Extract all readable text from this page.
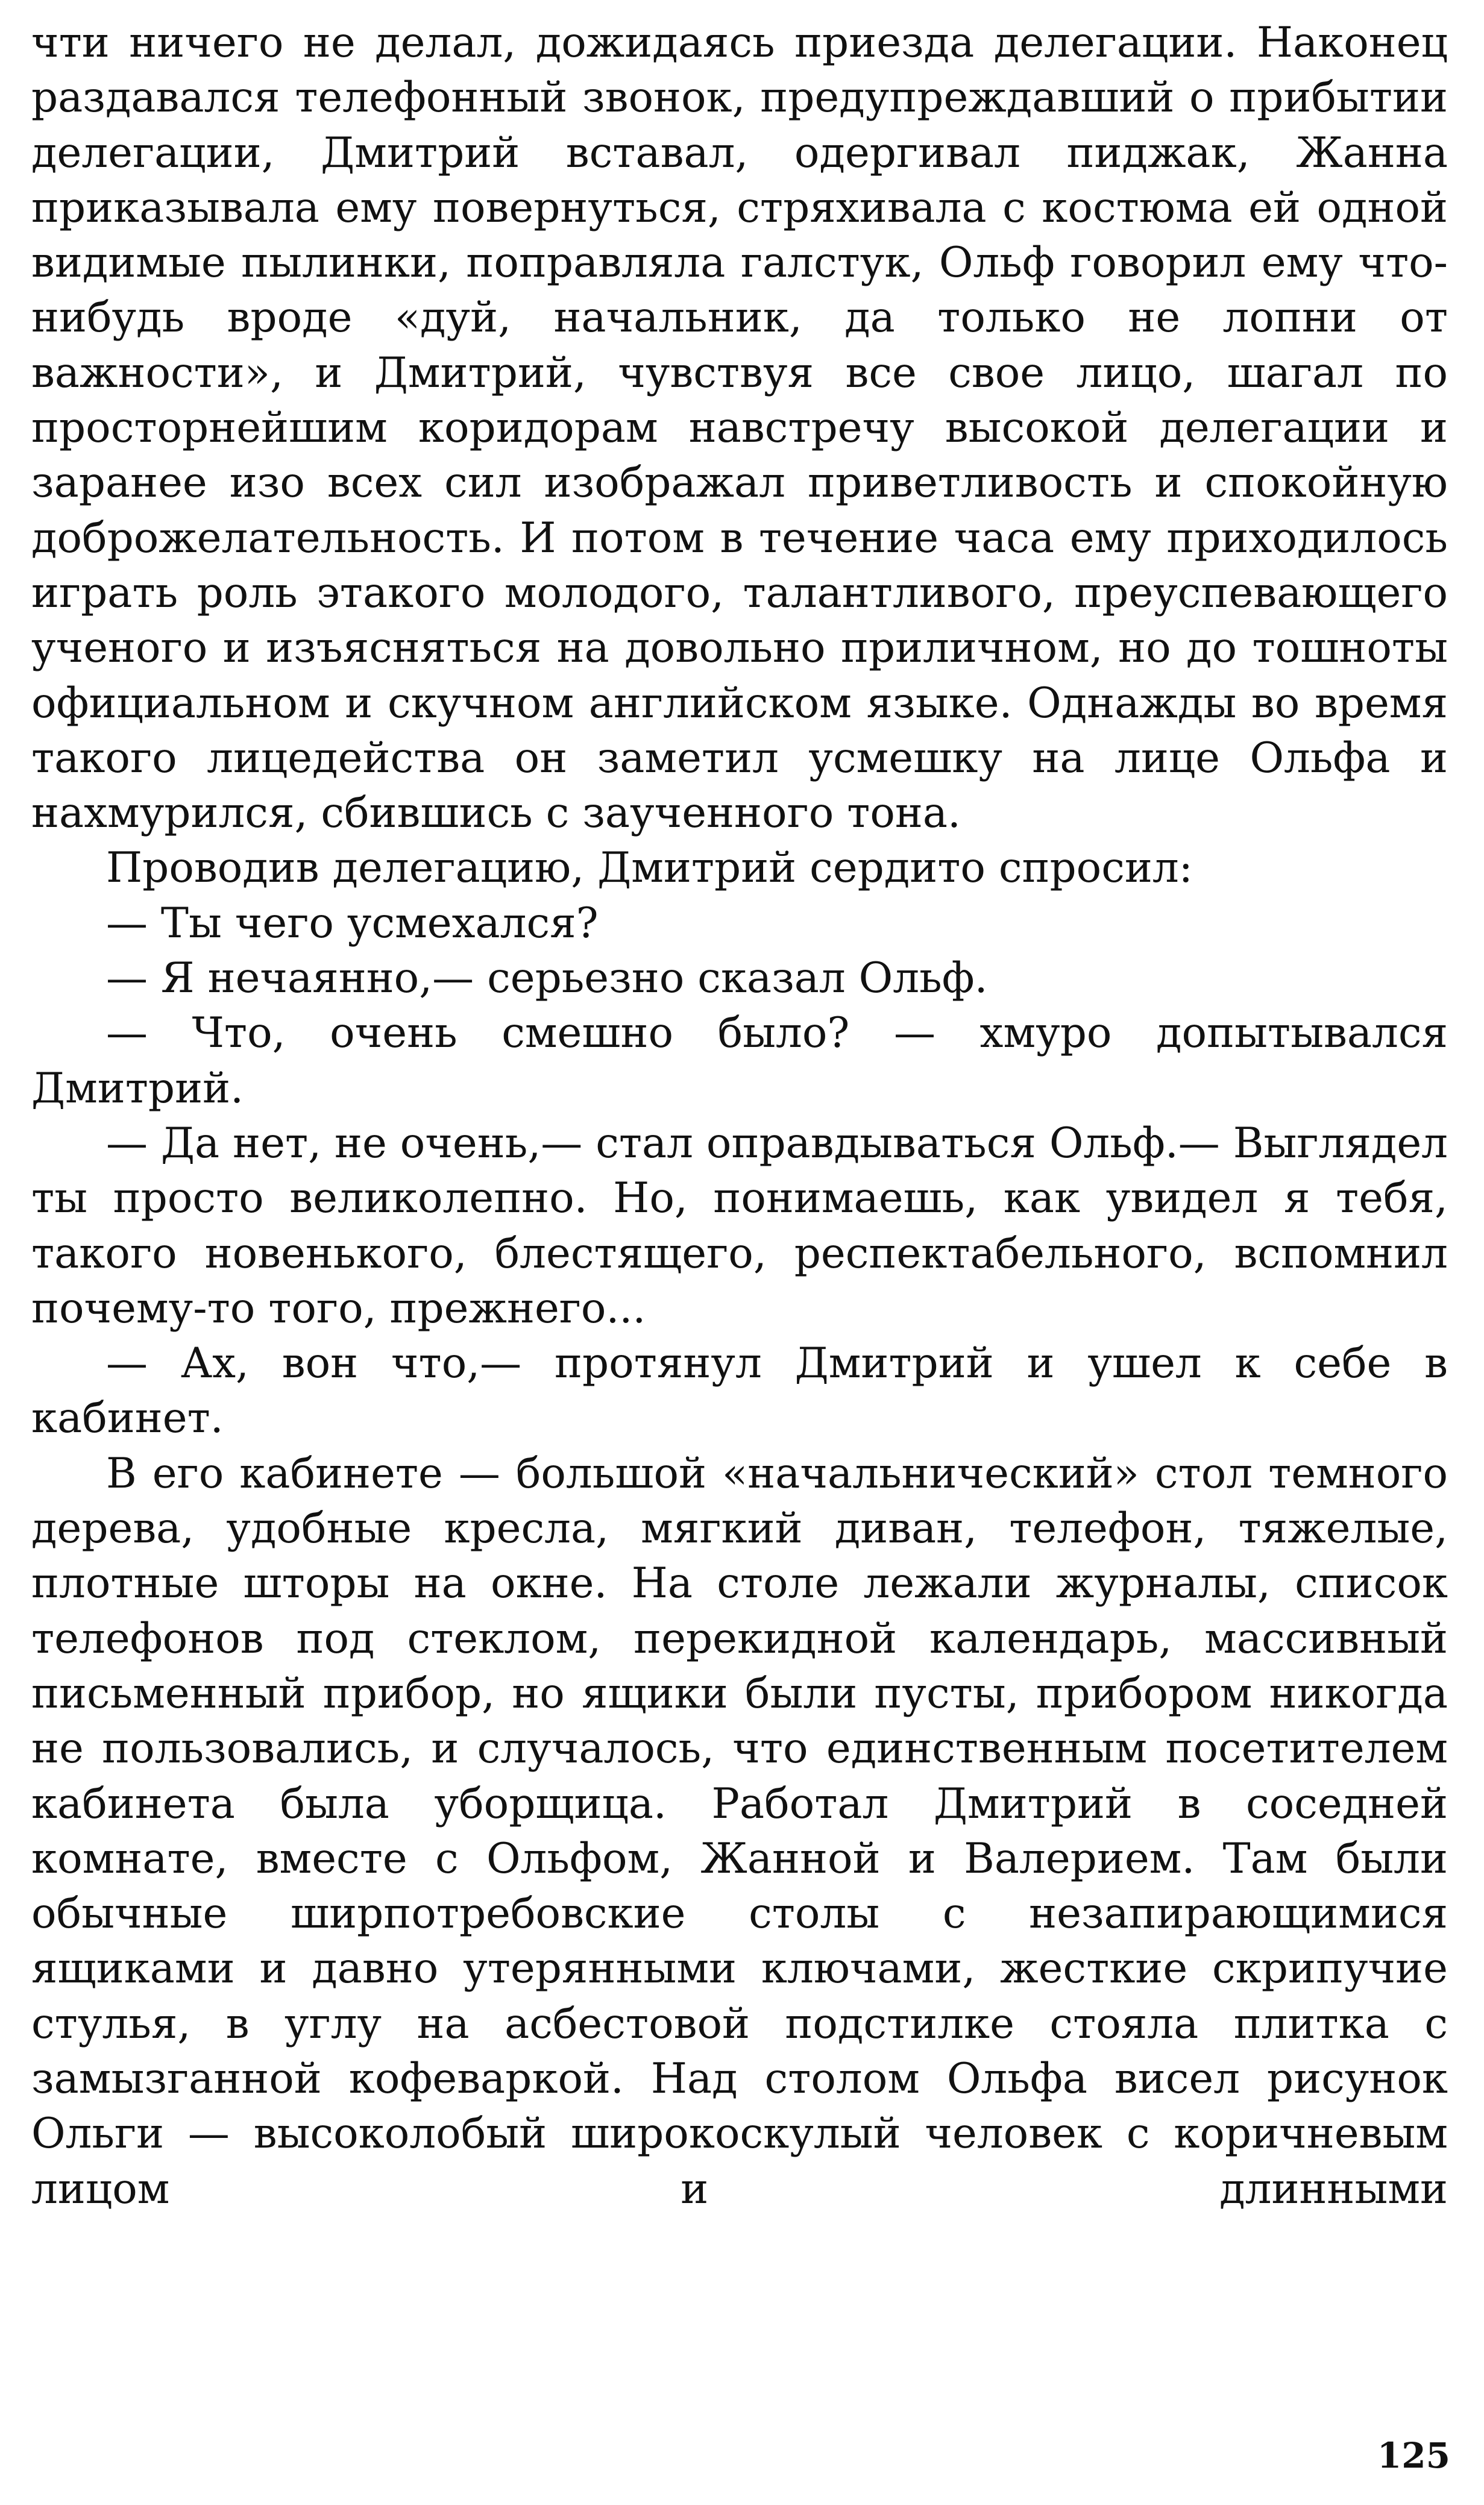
чти ничего не делал, дожидаясь приезда делегации. Наконец раздавался телефонный звонок, предупреждавший о прибытии делегации, Дмитрий вставал, одергивал пиджак, Жанна приказывала ему повернуться, стряхивала с костюма ей одной видимые пылинки, поправляла галстук, Ольф говорил ему что-нибудь вроде «дуй, начальник, да только не лопни от важности», и Дмитрий, чувствуя все свое лицо, шагал по просторнейшим коридорам навстречу высокой делегации и заранее изо всех сил изображал приветливость и спокойную доброжелательность. И потом в течение часа ему приходилось играть роль этакого молодого, талантливого, преуспевающего ученого и изъясняться на довольно приличном, но до тошноты официальном и скучном английском языке. Однажды во время такого лицедейства он заметил усмешку на лице Ольфа и нахмурился, сбившись с заученного тона.

Проводив делегацию, Дмитрий сердито спросил:

— Ты чего усмехался?

— Я нечаянно,— серьезно сказал Ольф.

— Что, очень смешно было? — хмуро допытывался Дмитрий.

— Да нет, не очень,— стал оправдываться Ольф.— Выглядел ты просто великолепно. Но, понимаешь, как увидел я тебя, такого новенького, блестящего, респектабельного, вспомнил почему-то того, прежнего...

— Ах, вон что,— протянул Дмитрий и ушел к себе в кабинет.

В его кабинете — большой «начальнический» стол темного дерева, удобные кресла, мягкий диван, телефон, тяжелые, плотные шторы на окне. На столе лежали журналы, список телефонов под стеклом, перекидной календарь, массивный письменный прибор, но ящики были пусты, прибором никогда не пользовались, и случалось, что единственным посетителем кабинета была уборщица. Работал Дмитрий в соседней комнате, вместе с Ольфом, Жанной и Валерием. Там были обычные ширпотребовские столы с незапирающимися ящиками и давно утерянными ключами, жесткие скрипучие стулья, в углу на асбестовой подстилке стояла плитка с замызганной кофеваркой. Над столом Ольфа висел рисунок Ольги — высоколобый широкоскулый человек с коричневым лицом и длинными

125
